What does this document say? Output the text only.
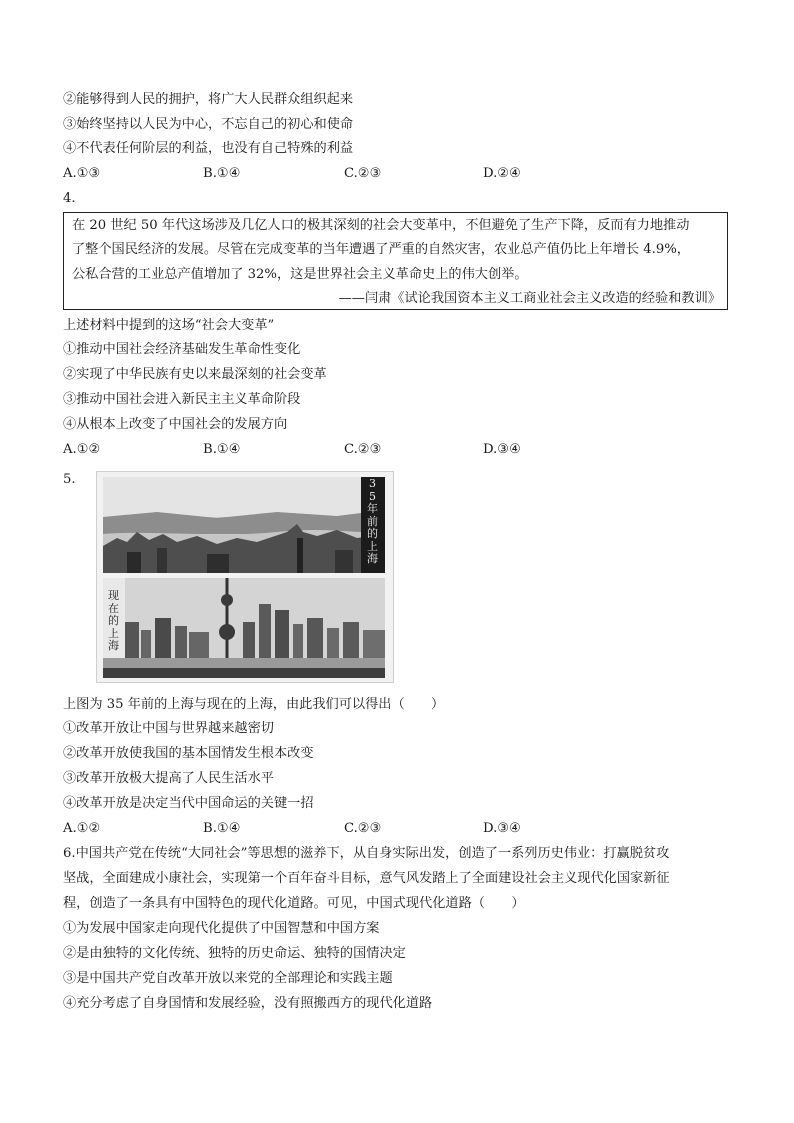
②能够得到人民的拥护，将广大人民群众组织起来
③始终坚持以人民为中心，不忘自己的初心和使命
④不代表任何阶层的利益，也没有自己特殊的利益
A.①③	B.①④	C.②③	D.②④
4.
在 20 世纪 50 年代这场涉及几亿人口的极其深刻的社会大变革中，不但避免了生产下降，反而有力地推动
了整个国民经济的发展。尽管在完成变革的当年遭遇了严重的自然灾害，农业总产值仍比上年增长 4.9%，
公私合营的工业总产值增加了 32%，这是世界社会主义革命史上的伟大创举。
——闫肃《试论我国资本主义工商业社会主义改造的经验和教训》
上述材料中提到的这场“社会大变革”
①推动中国社会经济基础发生革命性变化
②实现了中华民族有史以来最深刻的社会变革
③推动中国社会进入新民主主义革命阶段
④从根本上改变了中国社会的发展方向
A.①②	B.①④	C.②③	D.③④
5.	35年前的上海
现在的上海
上图为 35 年前的上海与现在的上海，由此我们可以得出（　　）
①改革开放让中国与世界越来越密切
②改革开放使我国的基本国情发生根本改变
③改革开放极大提高了人民生活水平
④改革开放是决定当代中国命运的关键一招
A.①②	B.①④	C.②③	D.③④
6.中国共产党在传统“大同社会”等思想的滋养下，从自身实际出发，创造了一系列历史伟业：打赢脱贫攻
坚战，全面建成小康社会，实现第一个百年奋斗目标，意气风发踏上了全面建设社会主义现代化国家新征
程，创造了一条具有中国特色的现代化道路。可见，中国式现代化道路（　　）
①为发展中国家走向现代化提供了中国智慧和中国方案
②是由独特的文化传统、独特的历史命运、独特的国情决定
③是中国共产党自改革开放以来党的全部理论和实践主题
④充分考虑了自身国情和发展经验，没有照搬西方的现代化道路
